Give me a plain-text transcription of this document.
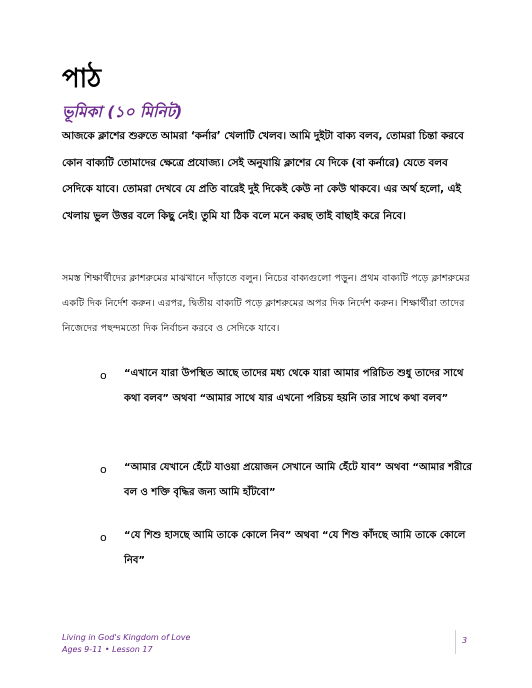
পাঠ
ভূমিকা (১০ মিনিট)

আজকে ক্লাশের শুরুতে আমরা ‘কর্নার’ খেলাটি খেলব। আমি দুইটা বাক্য বলব, তোমরা চিন্তা করবে কোন বাক্যটি তোমাদের ক্ষেত্রে প্রযোজ্য। সেই অনুযায়ি ক্লাশের যে দিকে (বা কর্নারে) যেতে বলব সেদিকে যাবে। তোমরা দেখবে যে প্রতি বারেই দুই দিকেই কেউ না কেউ থাকবে। এর অর্থ হলো, এই খেলায় ভুল উত্তর বলে কিছু নেই। তুমি যা ঠিক বলে মনে করছ তাই বাছাই করে নিবে।

সমস্ত শিক্ষার্থীদের ক্লাশরুমের মাঝখানে দাঁড়াতে বলুন। নিচের বাক্যগুলো পড়ুন। প্রথম বাক্যটি পড়ে ক্লাশরুমের একটি দিক নির্দেশ করুন। এরপর, দ্বিতীয় বাক্যটি পড়ে ক্লাশরুমের অপর দিক নির্দেশ করুন। শিক্ষার্থীরা তাদের নিজেদের পছন্দমতো দিক নির্বাচন করবে ও সেদিকে যাবে।

o	“এখানে যারা উপস্থিত আছে তাদের মধ্য থেকে যারা আমার পরিচিত শুধু তাদের সাথে কথা বলব” অথবা “আমার সাথে যার এখনো পরিচয় হয়নি তার সাথে কথা বলব”
o	“আমার যেখানে হেঁটে যাওয়া প্রয়োজন সেখানে আমি হেঁটে যাব” অথবা “আমার শরীরে বল ও শক্তি বৃদ্ধির জন্য আমি হাঁটবো”
o	“যে শিশু হাসছে আমি তাকে কোলে নিব” অথবা “যে শিশু কাঁদছে আমি তাকে কোলে নিব”
Living in God's Kingdom of Love
Ages 9-11 • Lesson 17
3
